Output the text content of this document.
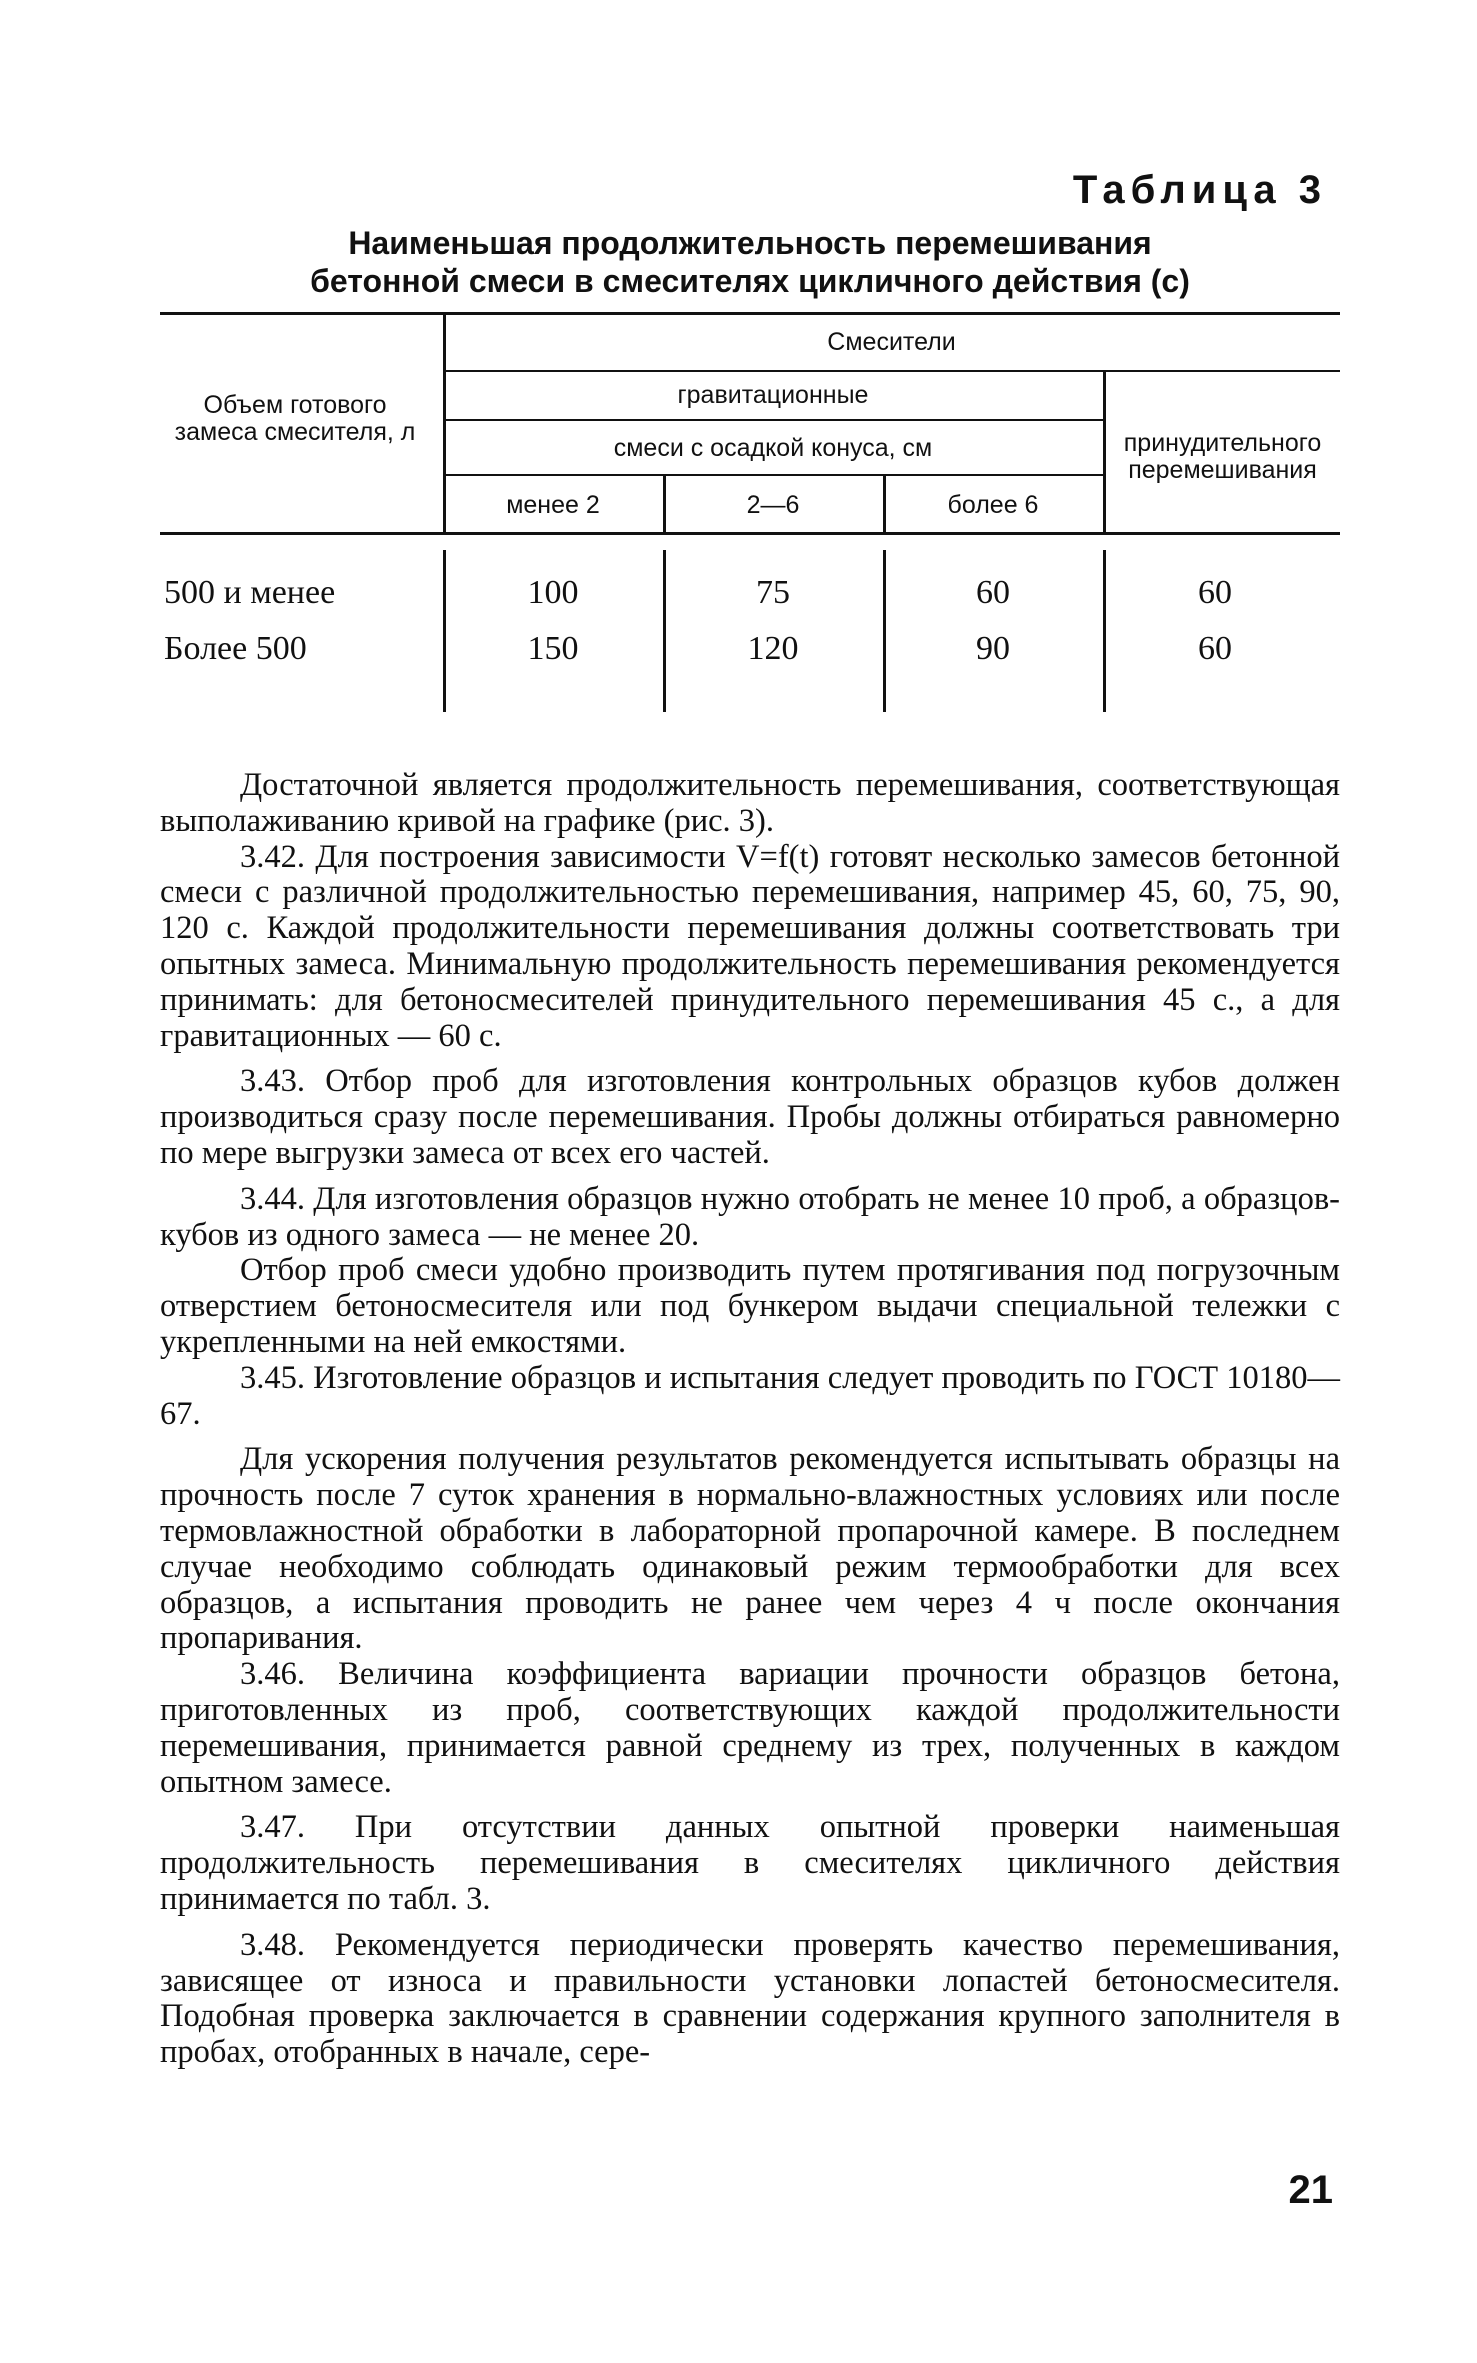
Таблица 3
Наименьшая продолжительность перемешивания
бетонной смеси в смесителях цикличного действия (с)
Объем готового замеса смесителя, л
Смесители
гравитационные
смеси с осадкой конуса, см
менее 2	2—6	более 6
принудительного перемешивания
500 и менее	100	75	60	60
Более 500	150	120	90	60

Достаточной является продолжительность перемешивания, соответствующая выполаживанию кривой на графике (рис. 3).

3.42. Для построения зависимости V=f(t) готовят несколько замесов бетонной смеси с различной продолжительностью перемешивания, например 45, 60, 75, 90, 120 с. Каждой продолжительности перемешивания должны соответствовать три опытных замеса. Минимальную продолжительность перемешивания рекомендуется принимать: для бетоносмесителей принудительного перемешивания 45 с., а для гравитационных — 60 с.

3.43. Отбор проб для изготовления контрольных образцов кубов должен производиться сразу после перемешивания. Пробы должны отбираться равномерно по мере выгрузки замеса от всех его частей.

3.44. Для изготовления образцов нужно отобрать не менее 10 проб, а образцов-кубов из одного замеса — не менее 20.

Отбор проб смеси удобно производить путем протягивания под погрузочным отверстием бетоносмесителя или под бункером выдачи специальной тележки с укрепленными на ней емкостями.

3.45. Изготовление образцов и испытания следует проводить по ГОСТ 10180—67.

Для ускорения получения результатов рекомендуется испытывать образцы на прочность после 7 суток хранения в нормально-влажностных условиях или после термовлажностной обработки в лабораторной пропарочной камере. В последнем случае необходимо соблюдать одинаковый режим термообработки для всех образцов, а испытания проводить не ранее чем через 4 ч после окончания пропаривания.

3.46. Величина коэффициента вариации прочности образцов бетона, приготовленных из проб, соответствующих каждой продолжительности перемешивания, принимается равной среднему из трех, полученных в каждом опытном замесе.

3.47. При отсутствии данных опытной проверки наименьшая продолжительность перемешивания в смесителях цикличного действия принимается по табл. 3.

3.48. Рекомендуется периодически проверять качество перемешивания, зависящее от износа и правильности установки лопастей бетоносмесителя. Подобная проверка заключается в сравнении содержания крупного заполнителя в пробах, отобранных в начале, сере-

21
